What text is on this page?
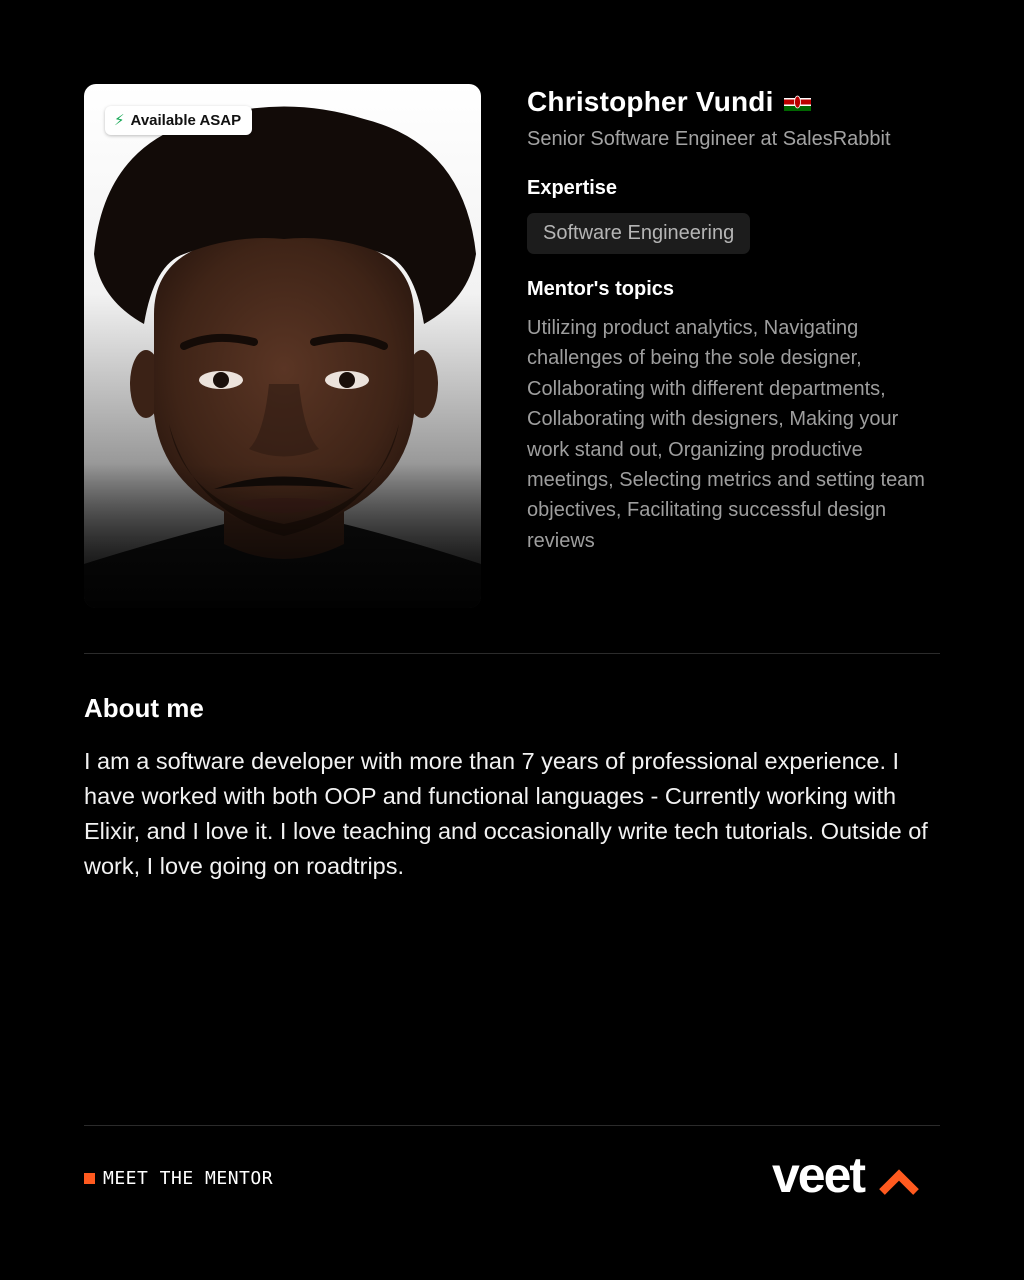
⚡ Available ASAP
Christopher Vundi
Senior Software Engineer at SalesRabbit
Expertise
Software Engineering
Mentor's topics
Utilizing product analytics, Navigating challenges of being the sole designer, Collaborating with different departments, Collaborating with designers, Making your work stand out, Organizing productive meetings, Selecting metrics and setting team objectives, Facilitating successful design reviews
About me
I am a software developer with more than 7 years of professional experience. I have worked with both OOP and functional languages - Currently working with Elixir, and I love it. I love teaching and occasionally write tech tutorials. Outside of work, I love going on roadtrips.
MEET THE MENTOR	veet
